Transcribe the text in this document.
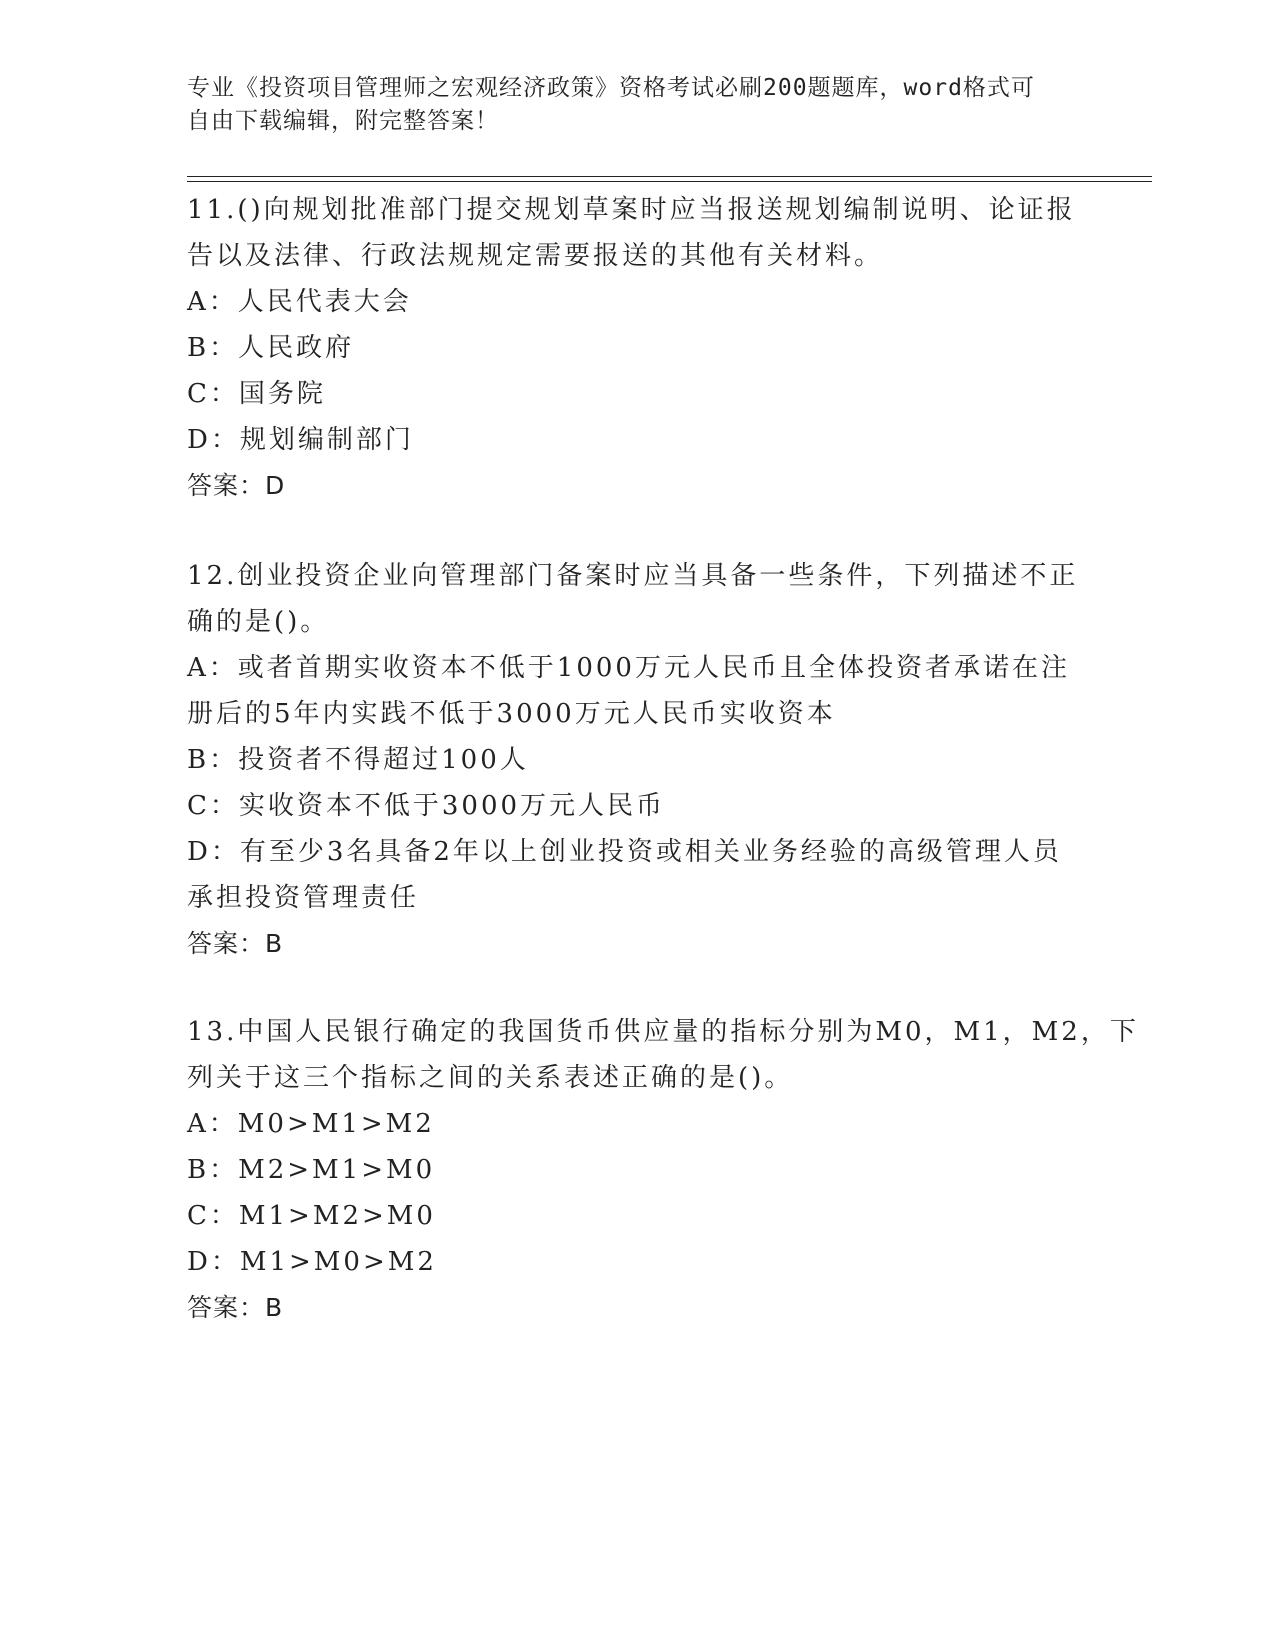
专业《投资项目管理师之宏观经济政策》资格考试必刷200题题库，word格式可
自由下载编辑，附完整答案！
11.()向规划批准部门提交规划草案时应当报送规划编制说明、论证报
告以及法律、行政法规规定需要报送的其他有关材料。
A：人民代表大会
B：人民政府
C：国务院
D：规划编制部门
答案：D
12.创业投资企业向管理部门备案时应当具备一些条件，下列描述不正
确的是()。
A：或者首期实收资本不低于1000万元人民币且全体投资者承诺在注
册后的5年内实践不低于3000万元人民币实收资本
B：投资者不得超过100人
C：实收资本不低于3000万元人民币
D：有至少3名具备2年以上创业投资或相关业务经验的高级管理人员
承担投资管理责任
答案：B
13.中国人民银行确定的我国货币供应量的指标分别为M0，M1，M2，下
列关于这三个指标之间的关系表述正确的是()。
A：M0>M1>M2
B：M2>M1>M0
C：M1>M2>M0
D：M1>M0>M2
答案：B
